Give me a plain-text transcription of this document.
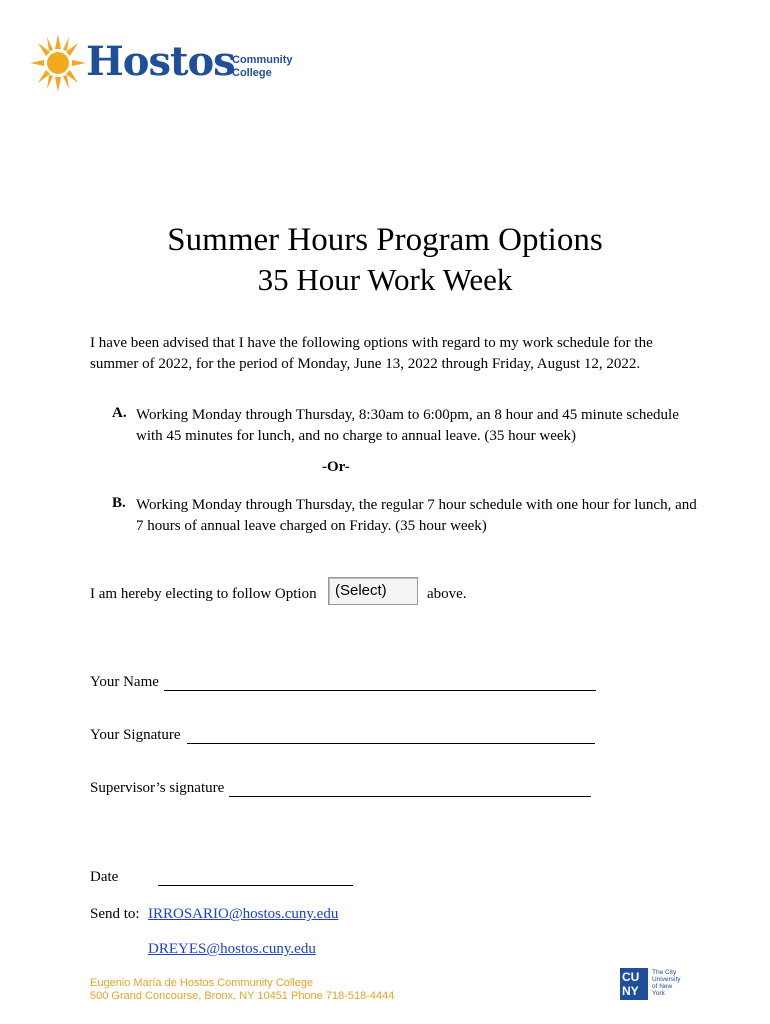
Hostos
Community
College
Summer Hours Program Options
35 Hour Work Week
I have been advised that I have the following options with regard to my work schedule for the summer of 2022, for the period of Monday, June 13, 2022 through Friday, August 12, 2022.
A. Working Monday through Thursday, 8:30am to 6:00pm, an 8 hour and 45 minute schedule with 45 minutes for lunch, and no charge to annual leave. (35 hour week)
-Or-
B. Working Monday through Thursday, the regular 7 hour schedule with one hour for lunch, and 7 hours of annual leave charged on Friday. (35 hour week)
I am hereby electing to follow Option	(Select)	above.
Your Name
Your Signature
Supervisor’s signature
Date
Send to: IRROSARIO@hostos.cuny.edu
DREYES@hostos.cuny.edu
Eugenio María de Hostos Community College
500 Grand Concourse, Bronx, NY 10451 Phone 718-518-4444
CU NY
The City University of New York
